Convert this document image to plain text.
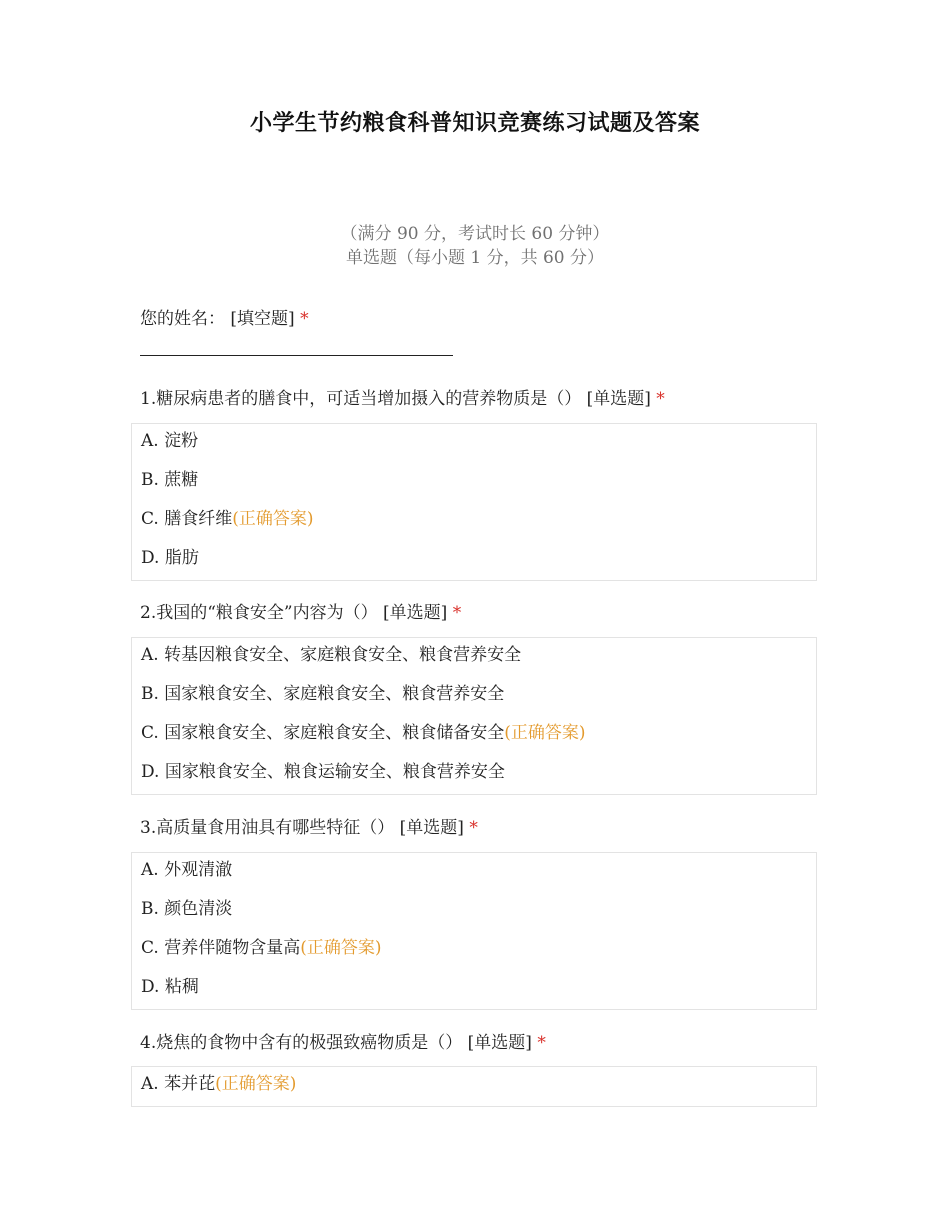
小学生节约粮食科普知识竞赛练习试题及答案
（满分 90 分，考试时长 60 分钟）
单选题（每小题 1 分，共 60 分）
您的姓名： [填空题] *
1.糖尿病患者的膳食中，可适当增加摄入的营养物质是（） [单选题] *
A. 淀粉
B. 蔗糖
C. 膳食纤维(正确答案)
D. 脂肪
2.我国的“粮食安全”内容为（） [单选题] *
A. 转基因粮食安全、家庭粮食安全、粮食营养安全
B. 国家粮食安全、家庭粮食安全、粮食营养安全
C. 国家粮食安全、家庭粮食安全、粮食储备安全(正确答案)
D. 国家粮食安全、粮食运输安全、粮食营养安全
3.高质量食用油具有哪些特征（） [单选题] *
A. 外观清澈
B. 颜色清淡
C. 营养伴随物含量高(正确答案)
D. 粘稠
4.烧焦的食物中含有的极强致癌物质是（） [单选题] *
A. 苯并芘(正确答案)
